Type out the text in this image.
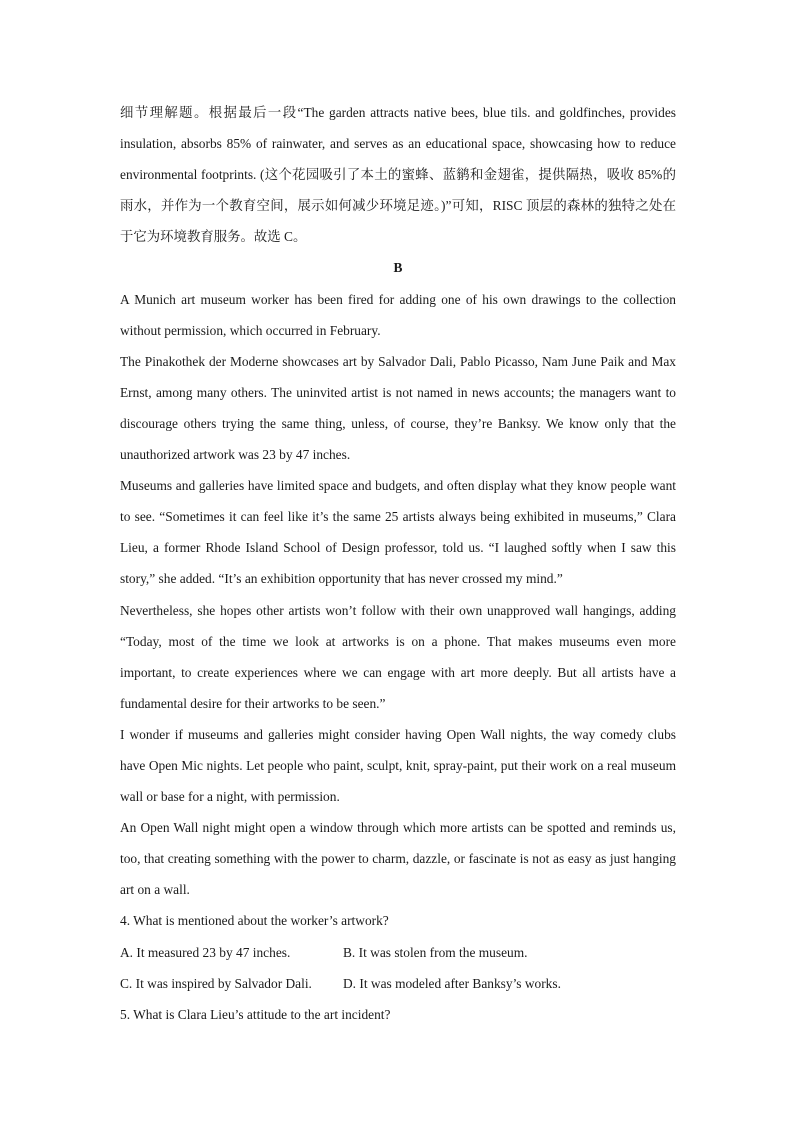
细节理解题。根据最后一段“The garden attracts native bees, blue tils. and goldfinches, provides insulation, absorbs 85% of rainwater, and serves as an educational space, showcasing how to reduce environmental footprints. (这个花园吸引了本土的蜜蜂、蓝鹟和金翅雀，提供隔热，吸收 85%的雨水，并作为一个教育空间，展示如何减少环境足迹。)”可知，RISC 顶层的森林的独特之处在于它为环境教育服务。故选 C。

B

A Munich art museum worker has been fired for adding one of his own drawings to the collection without permission, which occurred in February.

The Pinakothek der Moderne showcases art by Salvador Dali, Pablo Picasso, Nam June Paik and Max Ernst, among many others. The uninvited artist is not named in news accounts; the managers want to discourage others trying the same thing, unless, of course, they’re Banksy. We know only that the unauthorized artwork was 23 by 47 inches.

Museums and galleries have limited space and budgets, and often display what they know people want to see. “Sometimes it can feel like it’s the same 25 artists always being exhibited in museums,” Clara Lieu, a former Rhode Island School of Design professor, told us. “I laughed softly when I saw this story,” she added. “It’s an exhibition opportunity that has never crossed my mind.”

Nevertheless, she hopes other artists won’t follow with their own unapproved wall hangings, adding “Today, most of the time we look at artworks is on a phone. That makes museums even more important, to create experiences where we can engage with art more deeply. But all artists have a fundamental desire for their artworks to be seen.”

I wonder if museums and galleries might consider having Open Wall nights, the way comedy clubs have Open Mic nights. Let people who paint, sculpt, knit, spray-paint, put their work on a real museum wall or base for a night, with permission.

An Open Wall night might open a window through which more artists can be spotted and reminds us, too, that creating something with the power to charm, dazzle, or fascinate is not as easy as just hanging art on a wall.

4. What is mentioned about the worker’s artwork?

A. It measured 23 by 47 inches.	B. It was stolen from the museum.
C. It was inspired by Salvador Dali.	D. It was modeled after Banksy’s works.

5. What is Clara Lieu’s attitude to the art incident?
